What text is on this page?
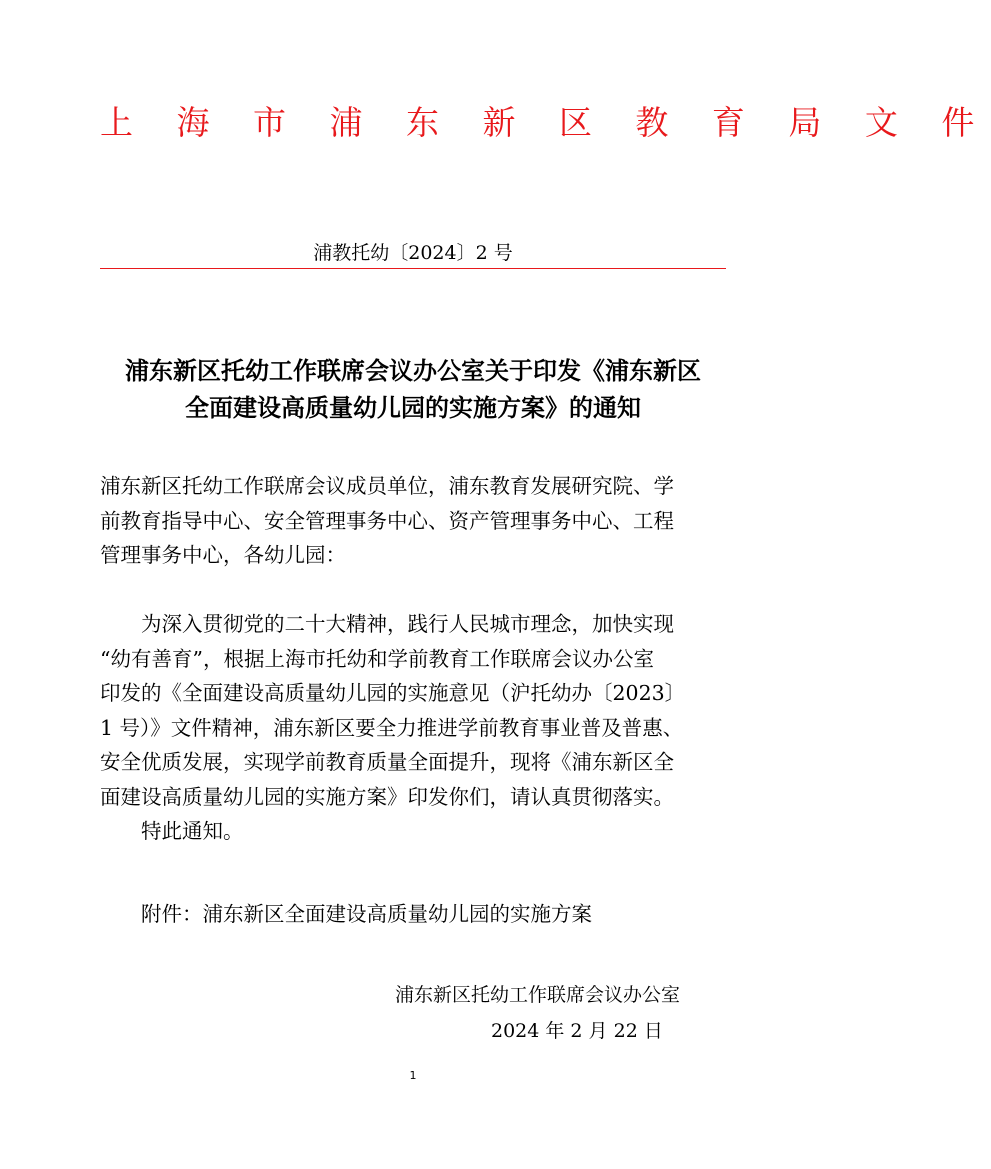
上 海 市 浦 东 新 区 教 育 局 文 件
浦教托幼〔2024〕2 号
浦东新区托幼工作联席会议办公室关于印发《浦东新区
全面建设高质量幼儿园的实施方案》的通知
浦东新区托幼工作联席会议成员单位，浦东教育发展研究院、学
前教育指导中心、安全管理事务中心、资产管理事务中心、工程
管理事务中心，各幼儿园：
为深入贯彻党的二十大精神，践行人民城市理念，加快实现
“幼有善育”，根据上海市托幼和学前教育工作联席会议办公室
印发的《全面建设高质量幼儿园的实施意见（沪托幼办〔2023〕
1 号）》文件精神，浦东新区要全力推进学前教育事业普及普惠、
安全优质发展，实现学前教育质量全面提升，现将《浦东新区全
面建设高质量幼儿园的实施方案》印发你们，请认真贯彻落实。
特此通知。
附件：浦东新区全面建设高质量幼儿园的实施方案
浦东新区托幼工作联席会议办公室
2024 年 2 月 22 日
1
